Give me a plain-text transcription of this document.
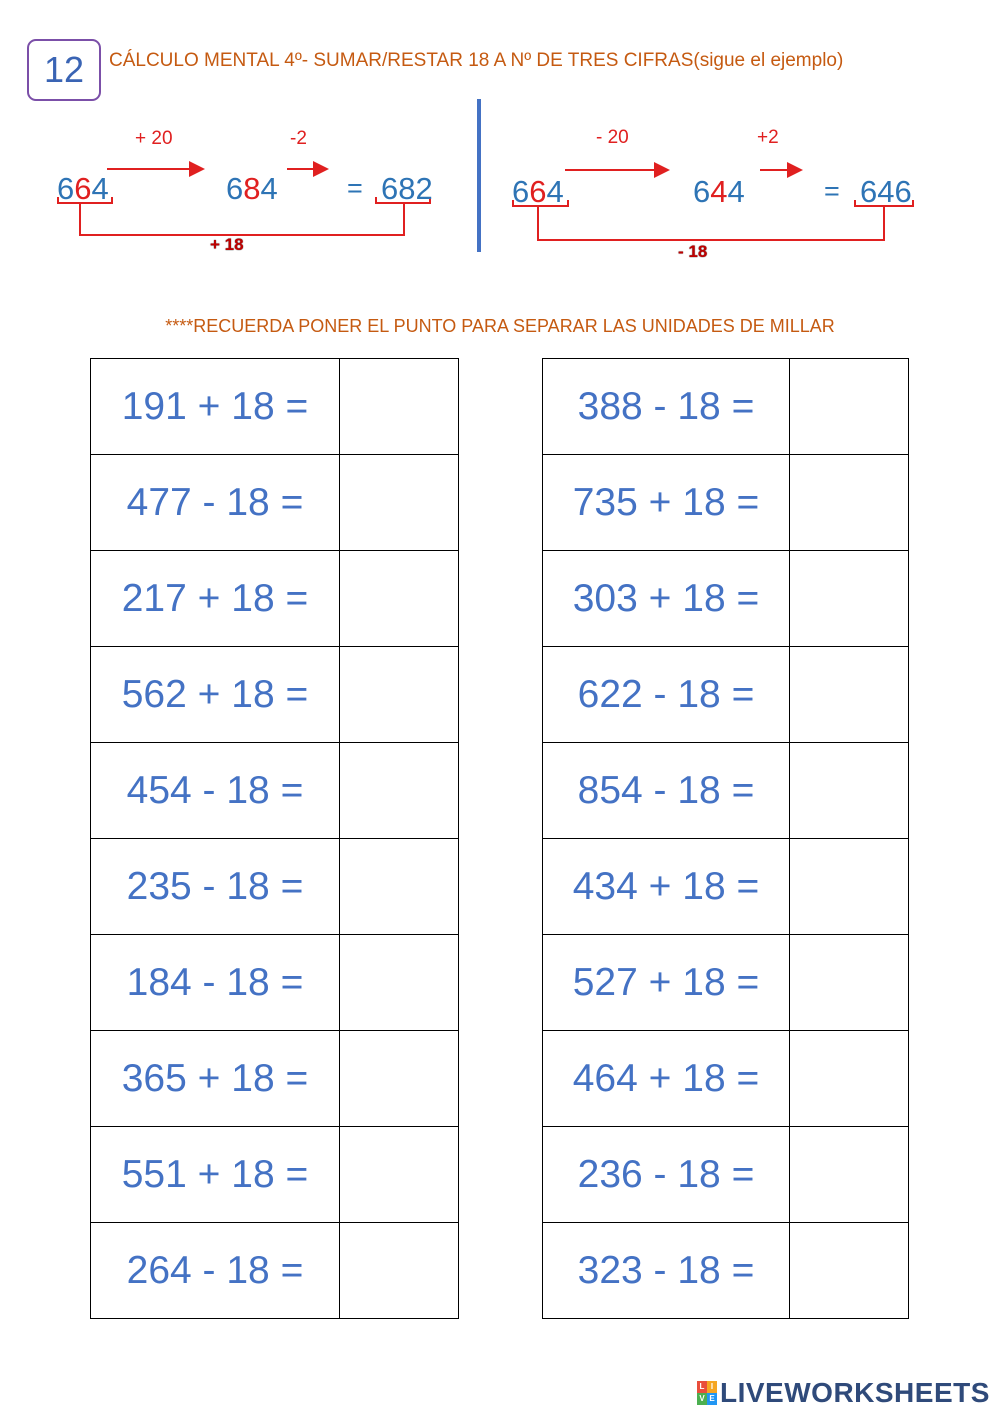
12	CÁLCULO MENTAL 4º- SUMAR/RESTAR 18 A Nº DE TRES CIFRAS(sigue el ejemplo)
+ 20	-2
664	684	= 682
+ 18
- 20	+2
664	644	= 646
- 18
****RECUERDA PONER EL PUNTO PARA SEPARAR LAS UNIDADES DE MILLAR
191 + 18 =	
477 - 18 =	
217 + 18 =	
562 + 18 =	
454 - 18 =	
235 - 18 =	
184 - 18 =	
365 + 18 =	
551 + 18 =	
264 - 18 =	
388 - 18 =	
735 + 18 =	
303 + 18 =	
622 - 18 =	
854 - 18 =	
434 + 18 =	
527 + 18 =	
464 + 18 =	
236 - 18 =	
323 - 18 =	
L I
V E LIVEWORKSHEETS
